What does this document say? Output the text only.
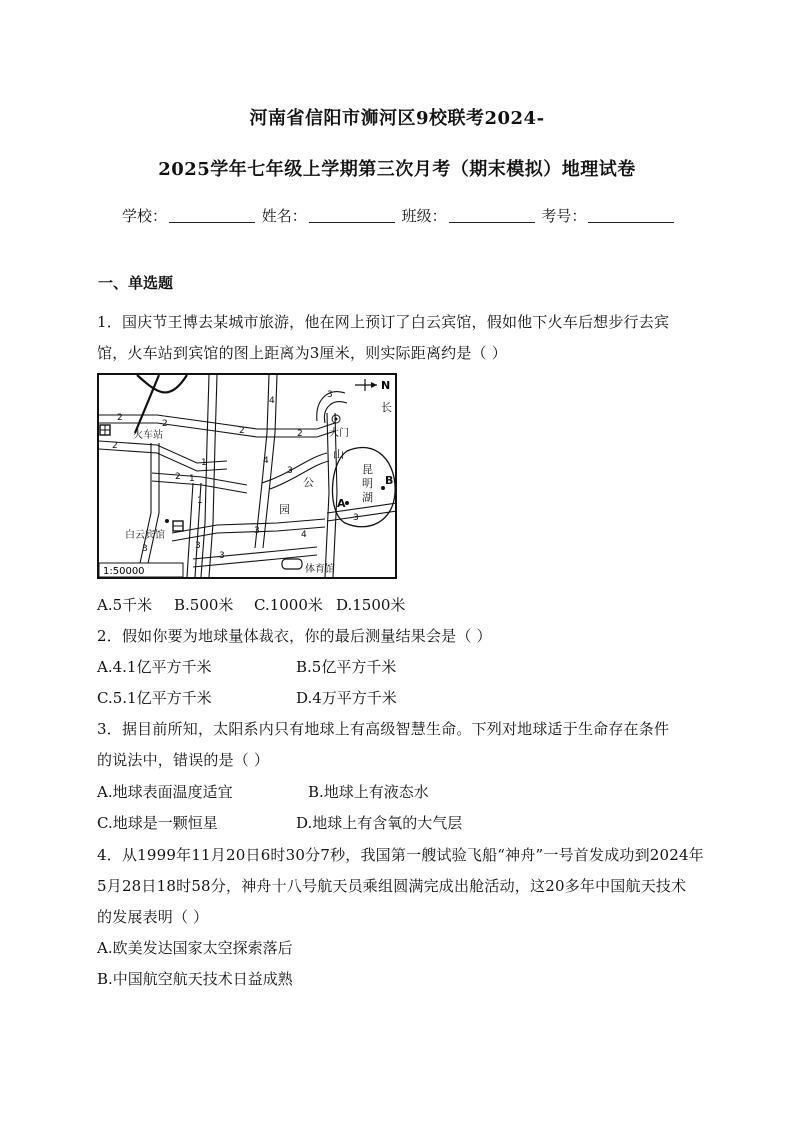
河南省信阳市浉河区9校联考2024-
2025学年七年级上学期第三次月考（期末模拟）地理试卷
学校：	姓名：	班级：	考号：
一、单选题
1．国庆节王博去某城市旅游，他在网上预订了白云宾馆，假如他下火车后想步行去宾
馆，火车站到宾馆的图上距离为3厘米，则实际距离约是（ ）
1:50000
N
火车站
白云宾馆
体育馆
大门
长
山
公
园
昆
明
湖
A
B
2
2
2	2
2
1
1
1
2
4
4
3
3
3
3
3
4
3
3
A.5千米 B.500米 C.1000米 D.1500米
2．假如你要为地球量体裁衣，你的最后测量结果会是（ ）
A.4.1亿平方千米	B.5亿平方千米
C.5.1亿平方千米	D.4万平方千米
3．据目前所知，太阳系内只有地球上有高级智慧生命。下列对地球适于生命存在条件
的说法中，错误的是（ ）
A.地球表面温度适宜	B.地球上有液态水
C.地球是一颗恒星	D.地球上有含氧的大气层
4．从1999年11月20日6时30分7秒，我国第一艘试验飞船“神舟”一号首发成功到2024年
5月28日18时58分，神舟十八号航天员乘组圆满完成出舱活动，这20多年中国航天技术
的发展表明（ ）
A.欧美发达国家太空探索落后
B.中国航空航天技术日益成熟
